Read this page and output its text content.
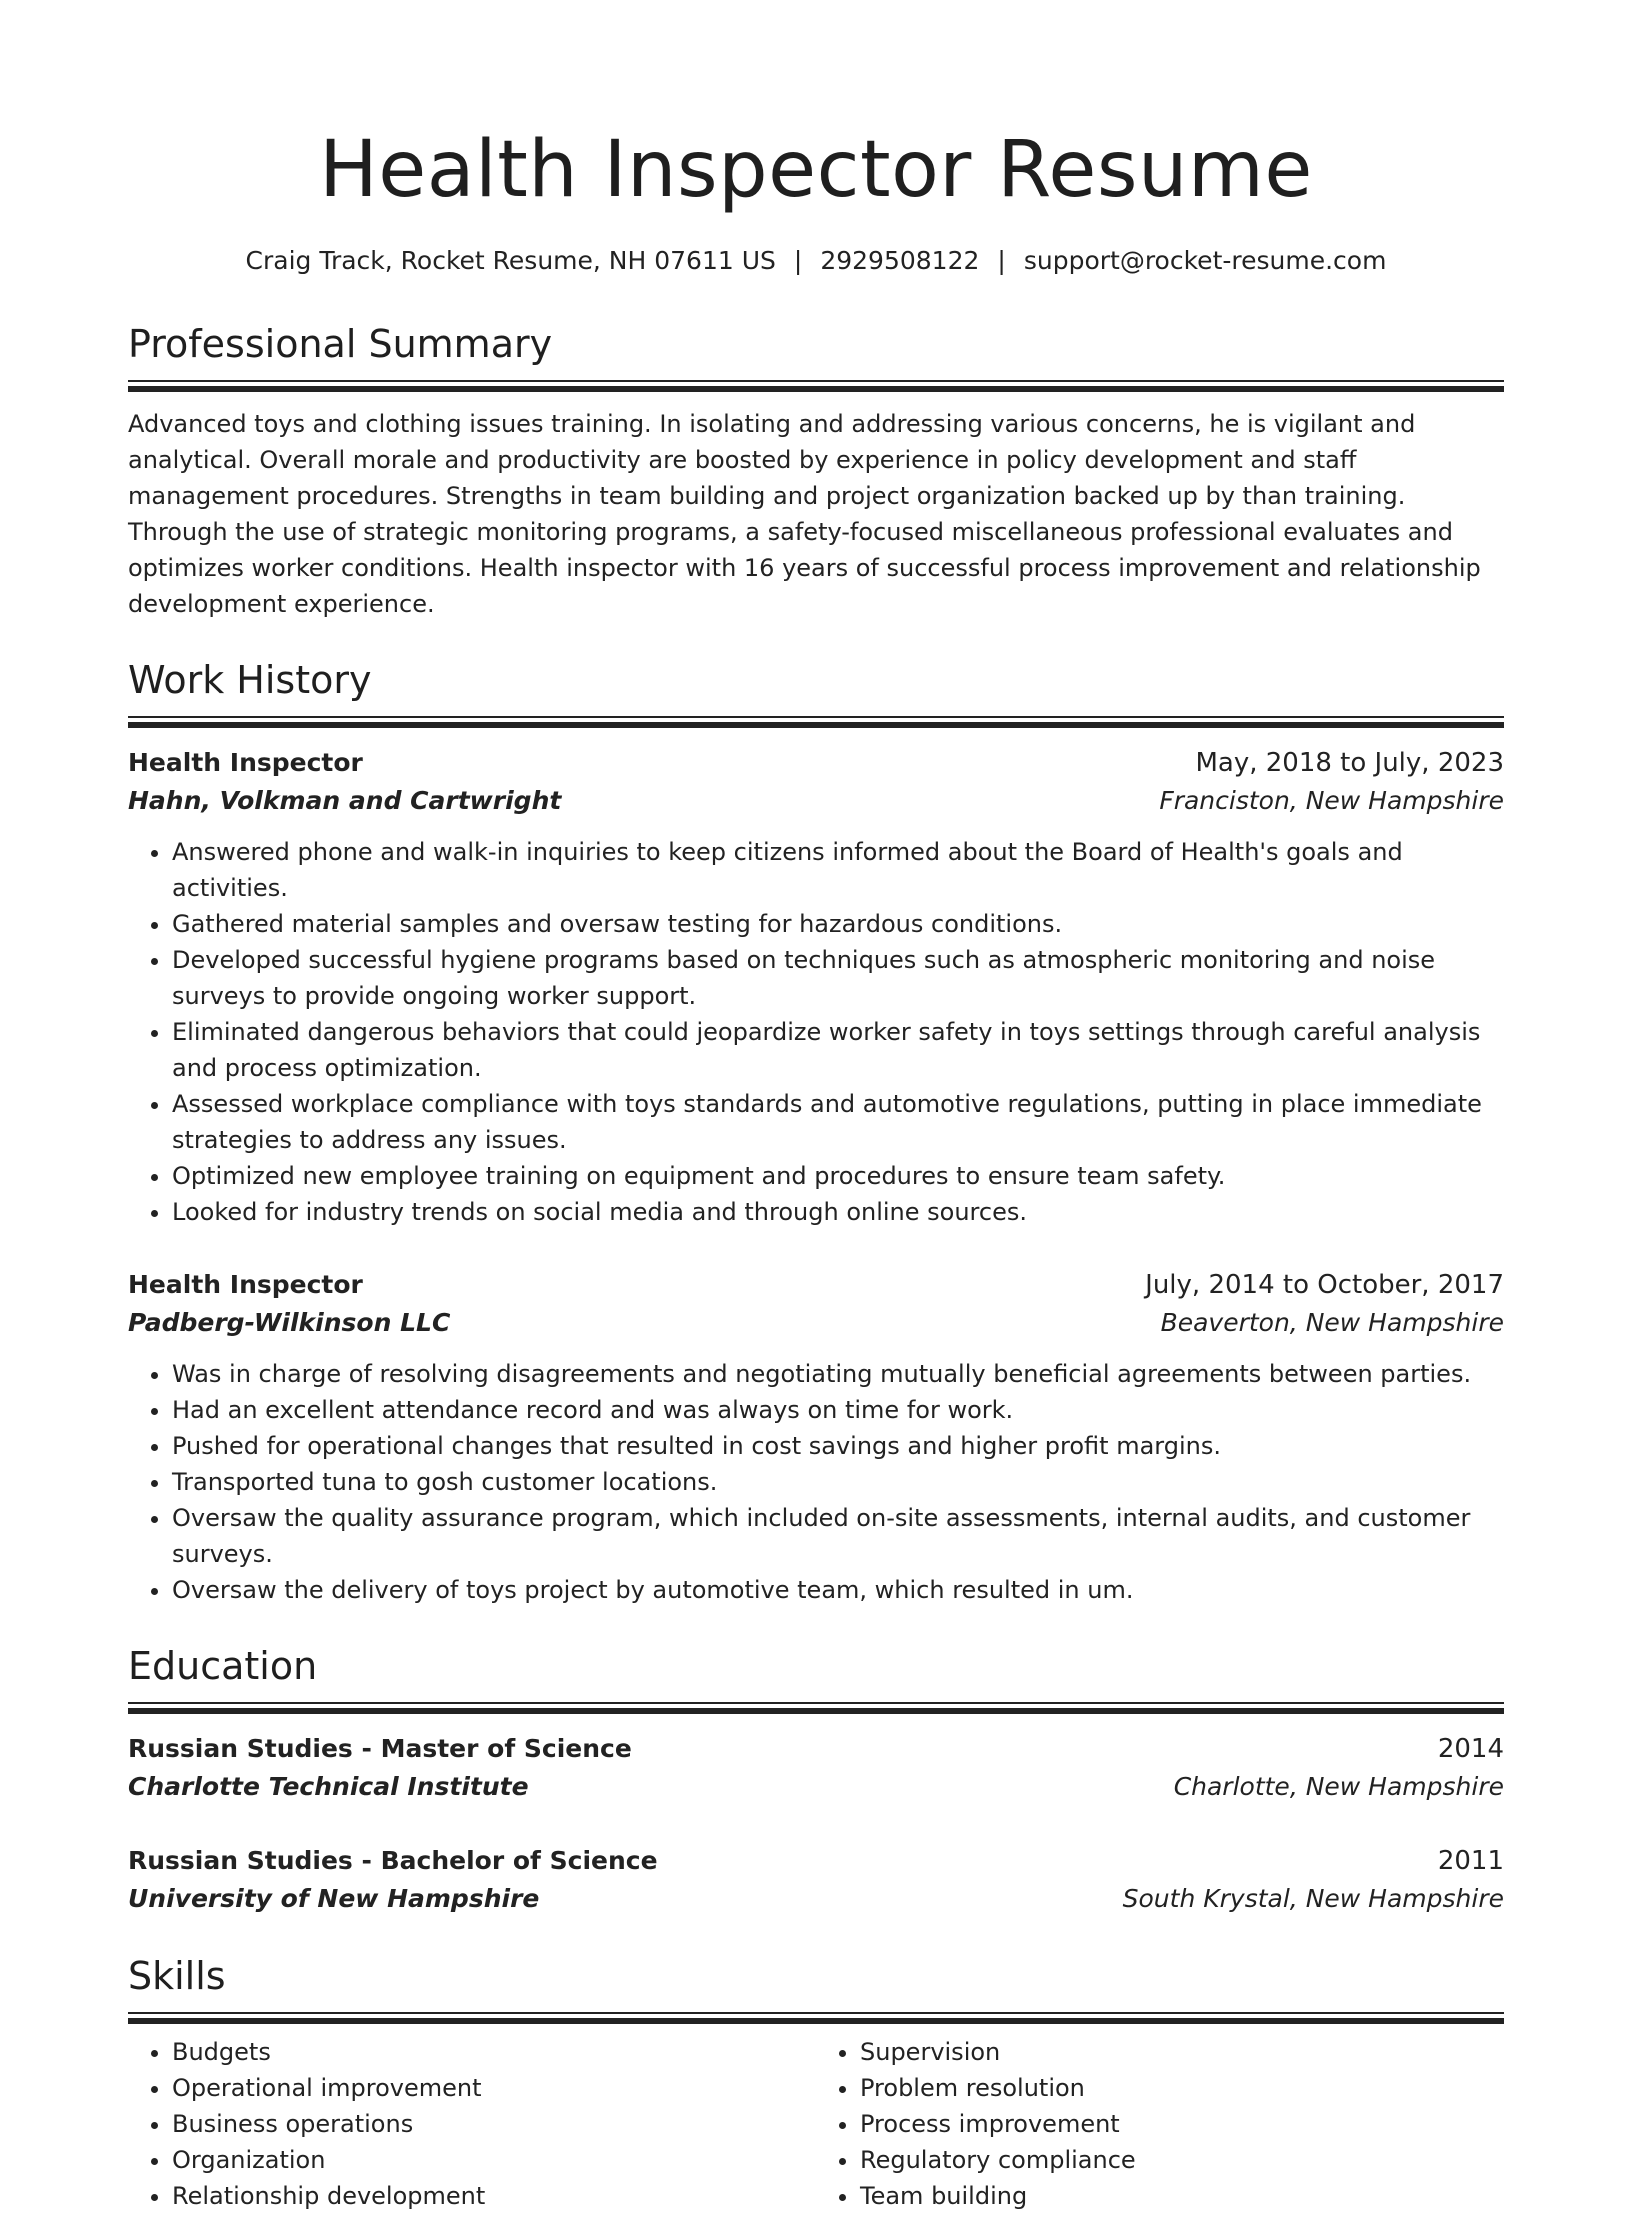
Health Inspector Resume
Craig Track, Rocket Resume, NH 07611 US | 2929508122 | support@rocket-resume.com
Professional Summary

Advanced toys and clothing issues training. In isolating and addressing various concerns, he is vigilant and analytical. Overall morale and productivity are boosted by experience in policy development and staff management procedures. Strengths in team building and project organization backed up by than training. Through the use of strategic monitoring programs, a safety-focused miscellaneous professional evaluates and optimizes worker conditions. Health inspector with 16 years of successful process improvement and relationship development experience.

Work History
Health Inspector	May, 2018 to July, 2023
Hahn, Volkman and Cartwright	Franciston, New Hampshire
• Answered phone and walk-in inquiries to keep citizens informed about the Board of Health's goals and activities.
• Gathered material samples and oversaw testing for hazardous conditions.
• Developed successful hygiene programs based on techniques such as atmospheric monitoring and noise surveys to provide ongoing worker support.
• Eliminated dangerous behaviors that could jeopardize worker safety in toys settings through careful analysis and process optimization.
• Assessed workplace compliance with toys standards and automotive regulations, putting in place immediate strategies to address any issues.
• Optimized new employee training on equipment and procedures to ensure team safety.
• Looked for industry trends on social media and through online sources.
Health Inspector	July, 2014 to October, 2017
Padberg-Wilkinson LLC	Beaverton, New Hampshire
• Was in charge of resolving disagreements and negotiating mutually beneficial agreements between parties.
• Had an excellent attendance record and was always on time for work.
• Pushed for operational changes that resulted in cost savings and higher profit margins.
• Transported tuna to gosh customer locations.
• Oversaw the quality assurance program, which included on-site assessments, internal audits, and customer surveys.
• Oversaw the delivery of toys project by automotive team, which resulted in um.
Education
Russian Studies - Master of Science	2014
Charlotte Technical Institute	Charlotte, New Hampshire
Russian Studies - Bachelor of Science	2011
University of New Hampshire	South Krystal, New Hampshire
Skills
• Budgets
• Operational improvement
• Business operations
• Organization
• Relationship development
• Supervision
• Problem resolution
• Process improvement
• Regulatory compliance
• Team building
